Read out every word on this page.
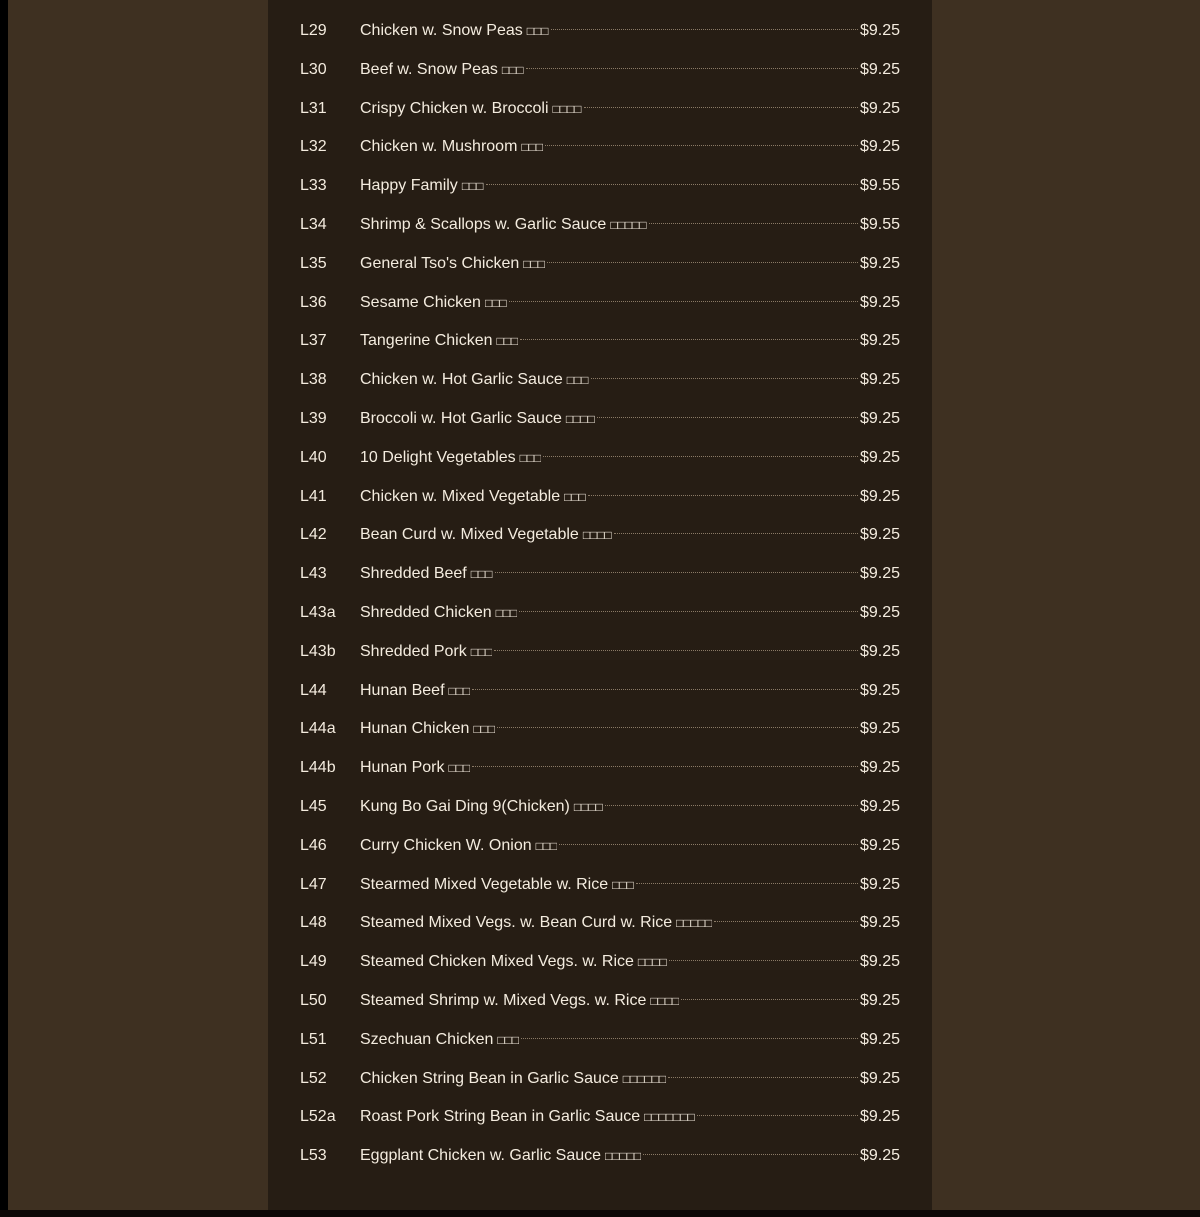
L29	Chicken w. Snow Peas □□□	$9.25
L30	Beef w. Snow Peas □□□	$9.25
L31	Crispy Chicken w. Broccoli □□□□	$9.25
L32	Chicken w. Mushroom □□□	$9.25
L33	Happy Family □□□	$9.55
L34	Shrimp & Scallops w. Garlic Sauce □□□□□	$9.55
L35	General Tso's Chicken □□□	$9.25
L36	Sesame Chicken □□□	$9.25
L37	Tangerine Chicken □□□	$9.25
L38	Chicken w. Hot Garlic Sauce □□□	$9.25
L39	Broccoli w. Hot Garlic Sauce □□□□	$9.25
L40	10 Delight Vegetables □□□	$9.25
L41	Chicken w. Mixed Vegetable □□□	$9.25
L42	Bean Curd w. Mixed Vegetable □□□□	$9.25
L43	Shredded Beef □□□	$9.25
L43a	Shredded Chicken □□□	$9.25
L43b	Shredded Pork □□□	$9.25
L44	Hunan Beef □□□	$9.25
L44a	Hunan Chicken □□□	$9.25
L44b	Hunan Pork □□□	$9.25
L45	Kung Bo Gai Ding 9(Chicken) □□□□	$9.25
L46	Curry Chicken W. Onion □□□	$9.25
L47	Stearmed Mixed Vegetable w. Rice □□□	$9.25
L48	Steamed Mixed Vegs. w. Bean Curd w. Rice □□□□□	$9.25
L49	Steamed Chicken Mixed Vegs. w. Rice □□□□	$9.25
L50	Steamed Shrimp w. Mixed Vegs. w. Rice □□□□	$9.25
L51	Szechuan Chicken □□□	$9.25
L52	Chicken String Bean in Garlic Sauce □□□□□□	$9.25
L52a	Roast Pork String Bean in Garlic Sauce □□□□□□□	$9.25
L53	Eggplant Chicken w. Garlic Sauce □□□□□	$9.25
